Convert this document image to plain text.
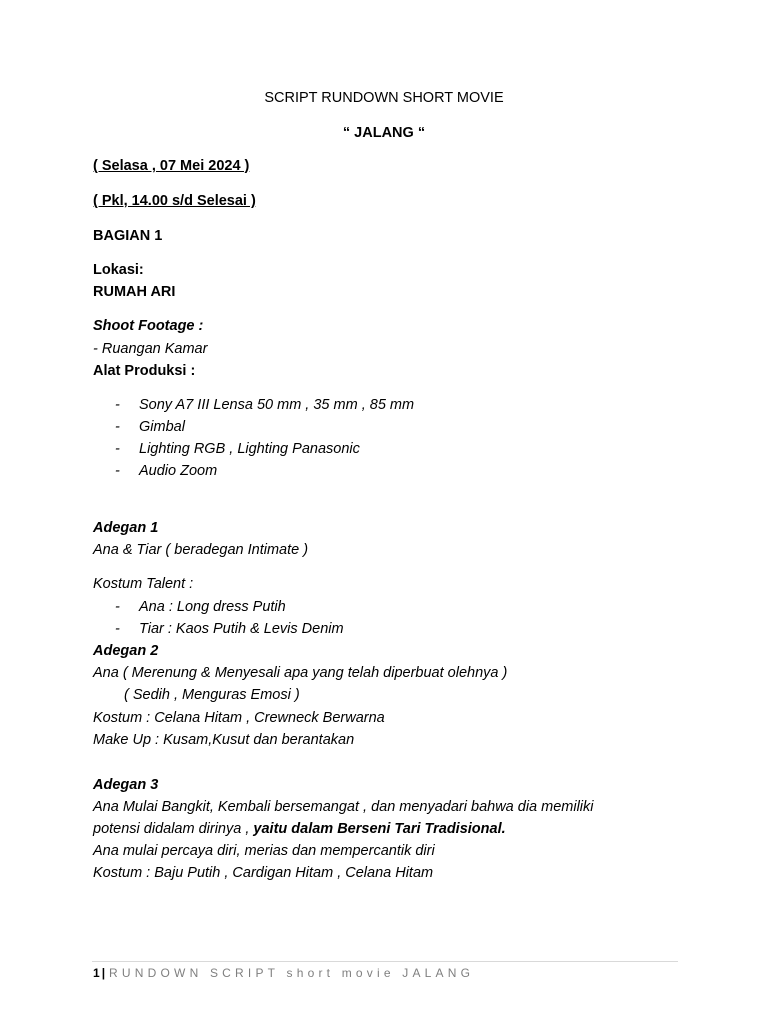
SCRIPT RUNDOWN SHORT MOVIE
“ JALANG “
( Selasa , 07 Mei 2024 )
( Pkl, 14.00 s/d Selesai )
BAGIAN 1
Lokasi:
RUMAH ARI
Shoot Footage :
- Ruangan Kamar
Alat Produksi :
- Sony A7 III Lensa 50 mm , 35 mm , 85 mm
- Gimbal
- Lighting RGB , Lighting Panasonic
- Audio Zoom
Adegan 1
Ana & Tiar ( beradegan Intimate )
Kostum Talent :
- Ana : Long dress Putih
- Tiar : Kaos Putih & Levis Denim
Adegan 2
Ana ( Merenung & Menyesali apa yang telah diperbuat olehnya )
( Sedih , Menguras Emosi )
Kostum : Celana Hitam , Crewneck Berwarna
Make Up : Kusam,Kusut dan berantakan
Adegan 3
Ana Mulai Bangkit, Kembali bersemangat , dan menyadari bahwa dia memiliki
potensi didalam dirinya , yaitu dalam Berseni Tari Tradisional.
Ana mulai percaya diri, merias dan mempercantik diri
Kostum : Baju Putih , Cardigan Hitam , Celana Hitam
1 | RUNDOWN SCRIPT short movie JALANG
